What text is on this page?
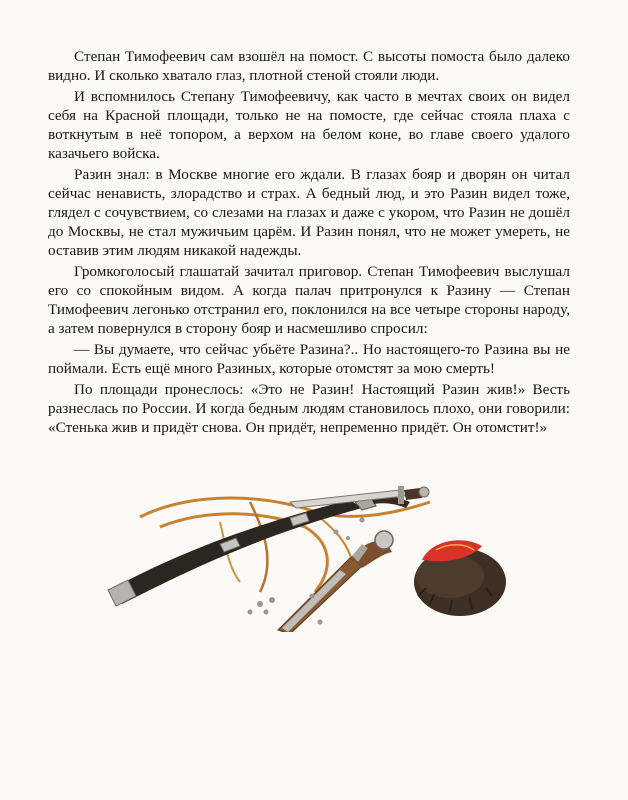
Степан Тимофеевич сам взошёл на помост. С высоты помоста было далеко видно. И сколько хватало глаз, плотной стеной стояли люди.

И вспомнилось Степану Тимофеевичу, как часто в мечтах своих он видел себя на Красной площади, только не на помосте, где сейчас стояла плаха с воткнутым в неё топором, а верхом на белом коне, во главе своего удалого казачьего войска.

Разин знал: в Москве многие его ждали. В глазах бояр и дворян он читал сейчас ненависть, злорадство и страх. А бедный люд, и это Разин видел тоже, глядел с сочувствием, со слезами на глазах и даже с укором, что Разин не дошёл до Москвы, не стал мужичьим царём. И Разин понял, что не может умереть, не оставив этим людям никакой надежды.

Громкоголосый глашатай зачитал приговор. Степан Тимофеевич выслушал его со спокойным видом. А когда палач притронулся к Разину — Степан Тимофеевич легонько отстранил его, поклонился на все четыре стороны народу, а затем повернулся в сторону бояр и насмешливо спросил:

— Вы думаете, что сейчас убьёте Разина?.. Но настоящего-то Разина вы не поймали. Есть ещё много Разиных, которые отомстят за мою смерть!

По площади пронеслось: «Это не Разин! Настоящий Разин жив!» Весть разнеслась по России. И когда бедным людям становилось плохо, они говорили: «Стенька жив и придёт снова. Он придёт, непременно придёт. Он отомстит!»
